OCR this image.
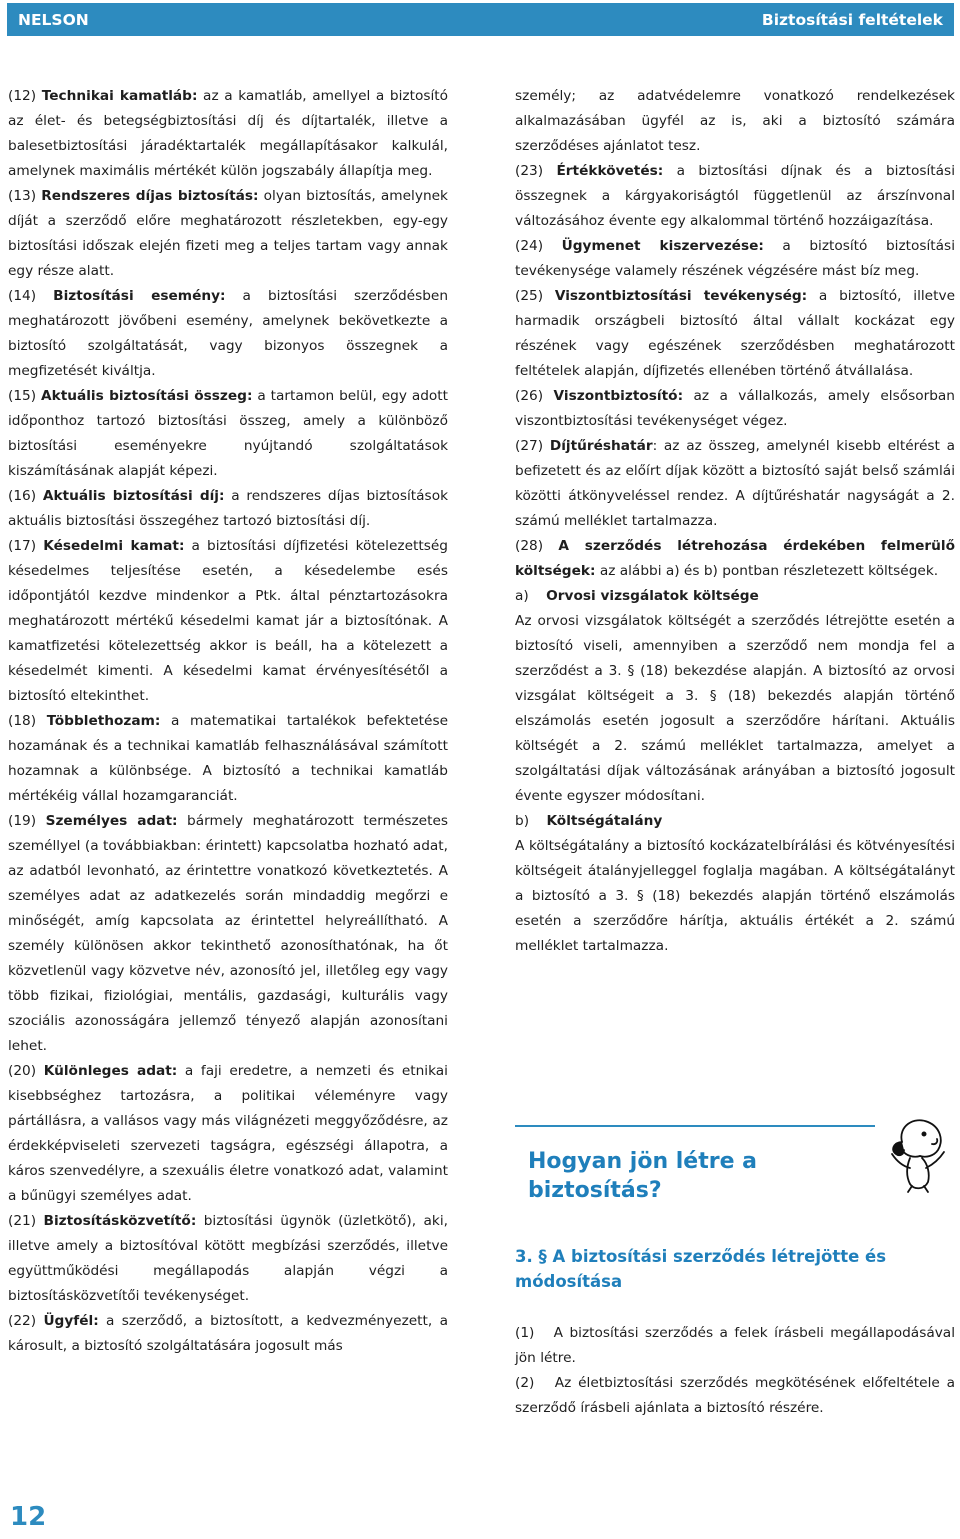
NELSON	Biztosítási feltételek

(12) Technikai kamatláb: az a kamatláb, amellyel a biztosító az élet- és betegségbiztosítási díj és díjtartalék, illetve a balesetbiztosítási járadéktartalék megállapításakor kalkulál, amelynek maximális mértékét külön jogszabály állapítja meg.

(13) Rendszeres díjas biztosítás: olyan biztosítás, amelynek díját a szerződő előre meghatározott részletekben, egy-egy biztosítási időszak elején fizeti meg a teljes tartam vagy annak egy része alatt.

(14) Biztosítási esemény: a biztosítási szerződésben meghatározott jövőbeni esemény, amelynek bekövetkezte a biztosító szolgáltatását, vagy bizonyos összegnek a megfizetését kiváltja.

(15) Aktuális biztosítási összeg: a tartamon belül, egy adott időponthoz tartozó biztosítási összeg, amely a különböző biztosítási eseményekre nyújtandó szolgáltatások kiszámításának alapját képezi.

(16) Aktuális biztosítási díj: a rendszeres díjas biztosítások aktuális biztosítási összegéhez tartozó biztosítási díj.

(17) Késedelmi kamat: a biztosítási díjfizetési kötelezettség késedelmes teljesítése esetén, a késedelembe esés időpontjától kezdve mindenkor a Ptk. által pénztartozásokra meghatározott mértékű késedelmi kamat jár a biztosítónak. A kamatfizetési kötelezettség akkor is beáll, ha a kötelezett a késedelmét kimenti. A késedelmi kamat érvényesítésétől a biztosító eltekinthet.

(18) Többlethozam: a matematikai tartalékok befektetése hozamának és a technikai kamatláb felhasználásával számított hozamnak a különbsége. A biztosító a technikai kamatláb mértékéig vállal hozamgaranciát.

(19) Személyes adat: bármely meghatározott természetes személlyel (a továbbiakban: érintett) kapcsolatba hozható adat, az adatból levonható, az érintettre vonatkozó következtetés. A személyes adat az adatkezelés során mindaddig megőrzi e minőségét, amíg kapcsolata az érintettel helyreállítható. A személy különösen akkor tekinthető azonosíthatónak, ha őt közvetlenül vagy közvetve név, azonosító jel, illetőleg egy vagy több fizikai, fiziológiai, mentális, gazdasági, kulturális vagy szociális azonosságára jellemző tényező alapján azonosítani lehet.

(20) Különleges adat: a faji eredetre, a nemzeti és etnikai kisebbséghez tartozásra, a politikai véleményre vagy pártállásra, a vallásos vagy más világnézeti meggyőződésre, az érdekképviseleti szervezeti tagságra, egészségi állapotra, a káros szenvedélyre, a szexuális életre vonatkozó adat, valamint a bűnügyi személyes adat.

(21) Biztosításközvetítő: biztosítási ügynök (üzletkötő), aki, illetve amely a biztosítóval kötött megbízási szerződés, illetve együttműködési megállapodás alapján végzi a biztosításközvetítői tevékenységet.

(22) Ügyfél: a szerződő, a biztosított, a kedvezményezett, a károsult, a biztosító szolgáltatására jogosult más

személy; az adatvédelemre vonatkozó rendelkezések alkalmazásában ügyfél az is, aki a biztosító számára szerződéses ajánlatot tesz.

(23) Értékkövetés: a biztosítási díjnak és a biztosítási összegnek a kárgyakoriságtól függetlenül az árszínvonal változásához évente egy alkalommal történő hozzáigazítása.

(24) Ügymenet kiszervezése: a biztosító biztosítási tevékenysége valamely részének végzésére mást bíz meg.

(25) Viszontbiztosítási tevékenység: a biztosító, illetve harmadik országbeli biztosító által vállalt kockázat egy részének vagy egészének szerződésben meghatározott feltételek alapján, díjfizetés ellenében történő átvállalása.

(26) Viszontbiztosító: az a vállalkozás, amely elsősorban viszontbiztosítási tevékenységet végez.

(27) Díjtűréshatár: az az összeg, amelynél kisebb eltérést a befizetett és az előírt díjak között a biztosító saját belső számlái közötti átkönyveléssel rendez. A díjtűréshatár nagyságát a 2. számú melléklet tartalmazza.

(28) A szerződés létrehozása érdekében felmerülő költségek: az alábbi a) és b) pontban részletezett költségek.

a)    Orvosi vizsgálatok költsége

Az orvosi vizsgálatok költségét a szerződés létrejötte esetén a biztosító viseli, amennyiben a szerződő nem mondja fel a szerződést a 3. § (18) bekezdése alapján. A biztosító az orvosi vizsgálat költségeit a 3. § (18) bekezdés alapján történő elszámolás esetén jogosult a szerződőre hárítani. Aktuális költségét a 2. számú melléklet tartalmazza, amelyet a szolgáltatási díjak változásának arányában a biztosító jogosult évente egyszer módosítani.

b)    Költségátalány

A költségátalány a biztosító kockázatelbírálási és kötvényesítési költségeit átalányjelleggel foglalja magában. A költségátalányt a biztosító a 3. § (18) bekezdés alapján történő elszámolás esetén a szerződőre hárítja, aktuális értékét a 2. számú melléklet tartalmazza.

Hogyan jön létre a biztosítás?
3. § A biztosítási szerződés létrejötte és módosítása

(1)   A biztosítási szerződés a felek írásbeli megállapodásával jön létre.

(2)   Az életbiztosítási szerződés megkötésének előfeltétele a szerződő írásbeli ajánlata a biztosító részére.

12
